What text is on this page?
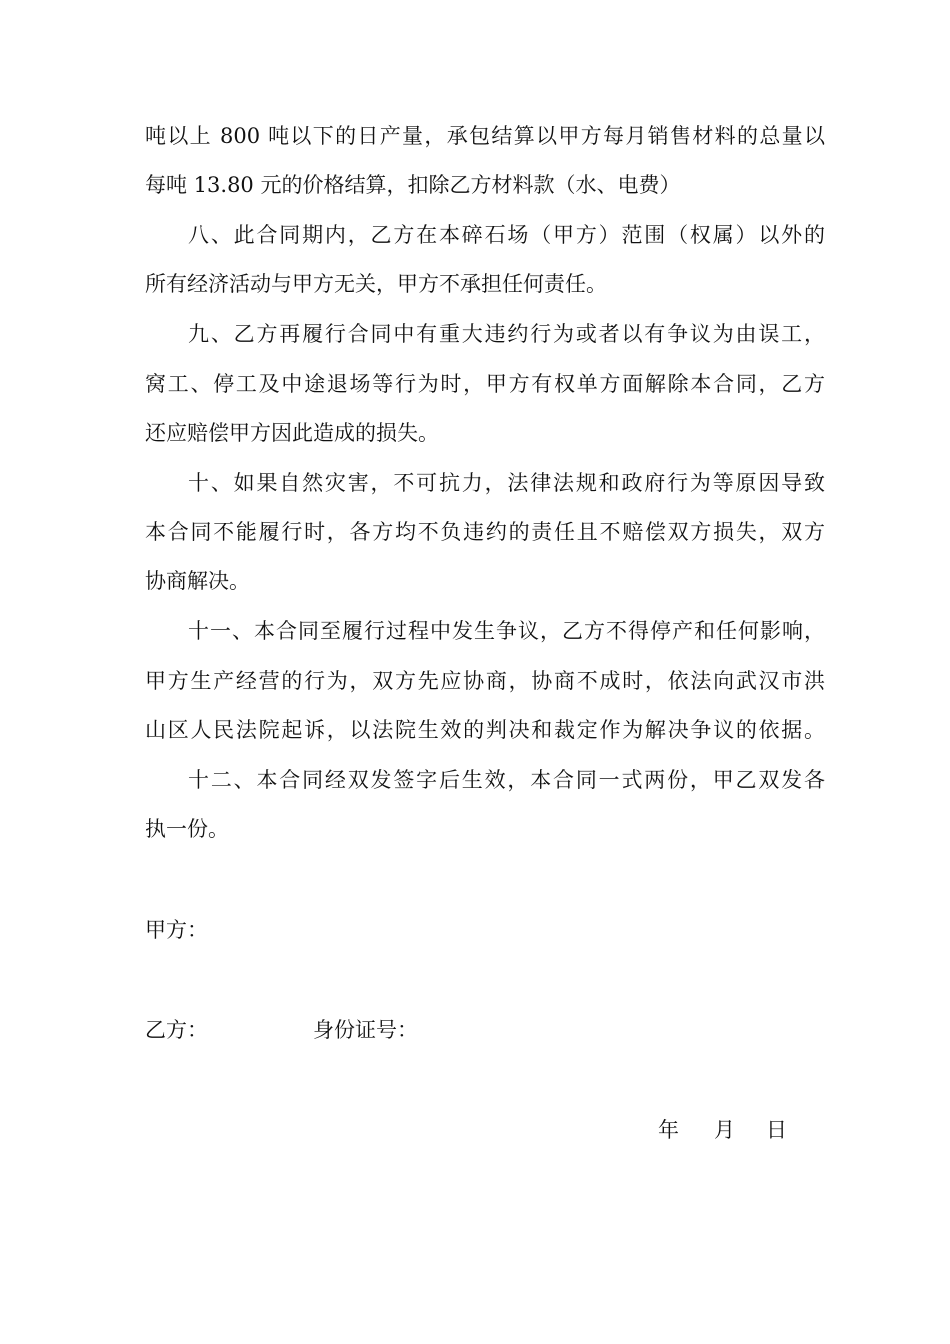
吨以上 800 吨以下的日产量，承包结算以甲方每月销售材料的总量以
每吨 13.80 元的价格结算，扣除乙方材料款（水、电费）
八、此合同期内，乙方在本碎石场（甲方）范围（权属）以外的
所有经济活动与甲方无关，甲方不承担任何责任。
九、乙方再履行合同中有重大违约行为或者以有争议为由误工，
窝工、停工及中途退场等行为时，甲方有权单方面解除本合同，乙方
还应赔偿甲方因此造成的损失。
十、如果自然灾害，不可抗力，法律法规和政府行为等原因导致
本合同不能履行时，各方均不负违约的责任且不赔偿双方损失，双方
协商解决。
十一、本合同至履行过程中发生争议，乙方不得停产和任何影响，
甲方生产经营的行为，双方先应协商，协商不成时，依法向武汉市洪
山区人民法院起诉，以法院生效的判决和裁定作为解决争议的依据。
十二、本合同经双发签字后生效，本合同一式两份，甲乙双发各
执一份。
甲方：
乙方：	身份证号：
年 月 日
